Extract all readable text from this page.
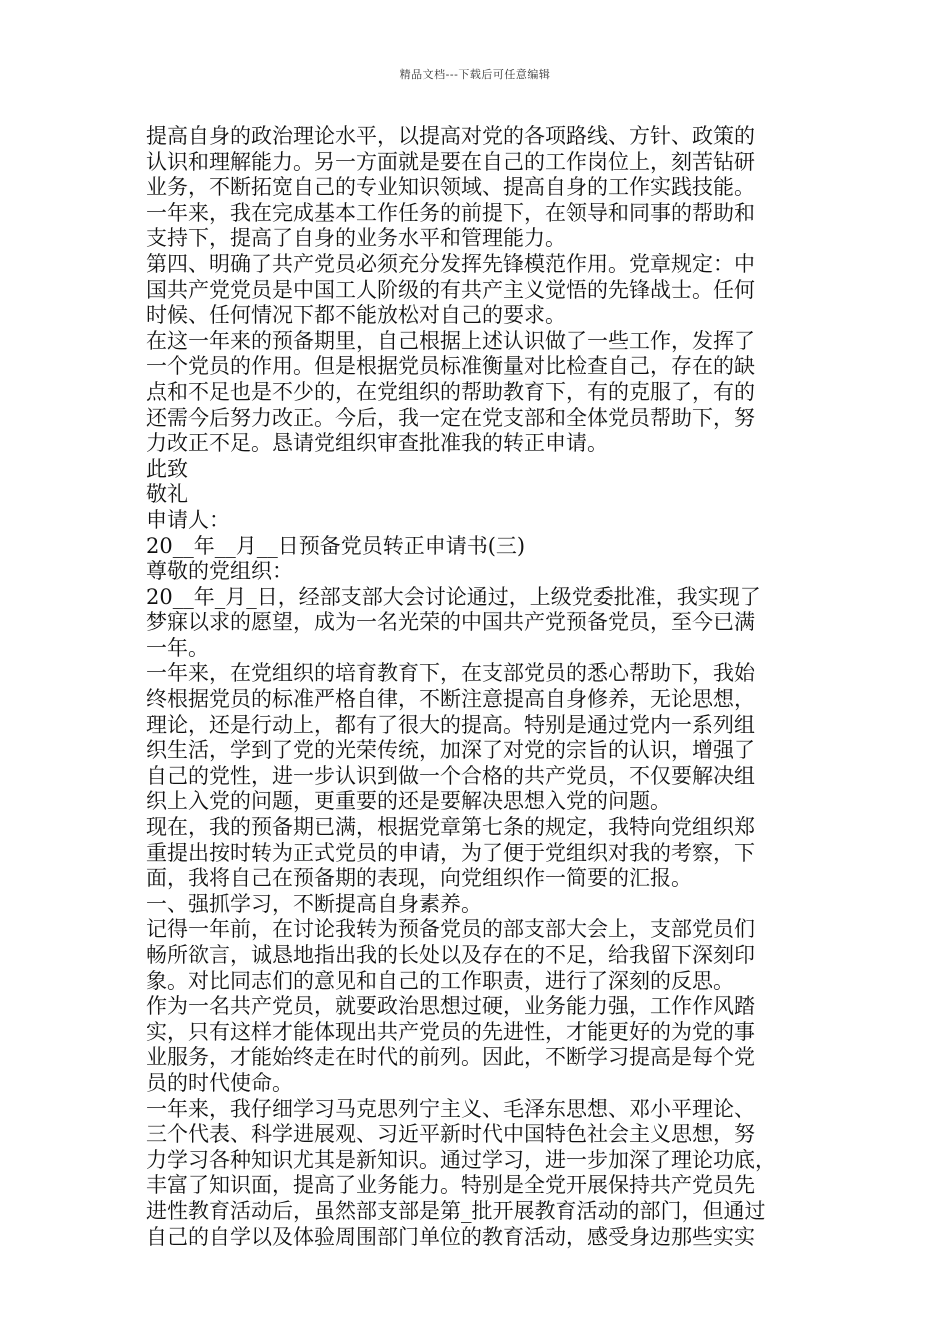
精品文档---下载后可任意编辑
提高自身的政治理论水平，以提高对党的各项路线、方针、政策的
认识和理解能力。另一方面就是要在自己的工作岗位上，刻苦钻研
业务，不断拓宽自己的专业知识领域、提高自身的工作实践技能。
一年来，我在完成基本工作任务的前提下，在领导和同事的帮助和
支持下，提高了自身的业务水平和管理能力。
第四、明确了共产党员必须充分发挥先锋模范作用。党章规定：中
国共产党党员是中国工人阶级的有共产主义觉悟的先锋战士。任何
时候、任何情况下都不能放松对自己的要求。
在这一年来的预备期里，自己根据上述认识做了一些工作，发挥了
一个党员的作用。但是根据党员标准衡量对比检查自己，存在的缺
点和不足也是不少的，在党组织的帮助教育下，有的克服了，有的
还需今后努力改正。今后，我一定在党支部和全体党员帮助下，努
力改正不足。恳请党组织审查批准我的转正申请。
此致
敬礼
申请人：
20__年__月__日预备党员转正申请书(三)
尊敬的党组织：
20__年_月_日，经部支部大会讨论通过，上级党委批准，我实现了
梦寐以求的愿望，成为一名光荣的中国共产党预备党员，至今已满
一年。
一年来，在党组织的培育教育下，在支部党员的悉心帮助下，我始
终根据党员的标准严格自律，不断注意提高自身修养，无论思想，
理论，还是行动上，都有了很大的提高。特别是通过党内一系列组
织生活，学到了党的光荣传统，加深了对党的宗旨的认识，增强了
自己的党性，进一步认识到做一个合格的共产党员，不仅要解决组
织上入党的问题，更重要的还是要解决思想入党的问题。
现在，我的预备期已满，根据党章第七条的规定，我特向党组织郑
重提出按时转为正式党员的申请，为了便于党组织对我的考察，下
面，我将自己在预备期的表现，向党组织作一简要的汇报。
一、强抓学习，不断提高自身素养。
记得一年前，在讨论我转为预备党员的部支部大会上，支部党员们
畅所欲言，诚恳地指出我的长处以及存在的不足，给我留下深刻印
象。对比同志们的意见和自己的工作职责，进行了深刻的反思。
作为一名共产党员，就要政治思想过硬，业务能力强，工作作风踏
实，只有这样才能体现出共产党员的先进性，才能更好的为党的事
业服务，才能始终走在时代的前列。因此，不断学习提高是每个党
员的时代使命。
一年来，我仔细学习马克思列宁主义、毛泽东思想、邓小平理论、
三个代表、科学进展观、习近平新时代中国特色社会主义思想，努
力学习各种知识尤其是新知识。通过学习，进一步加深了理论功底，
丰富了知识面，提高了业务能力。特别是全党开展保持共产党员先
进性教育活动后，虽然部支部是第_批开展教育活动的部门，但通过
自己的自学以及体验周围部门单位的教育活动，感受身边那些实实
